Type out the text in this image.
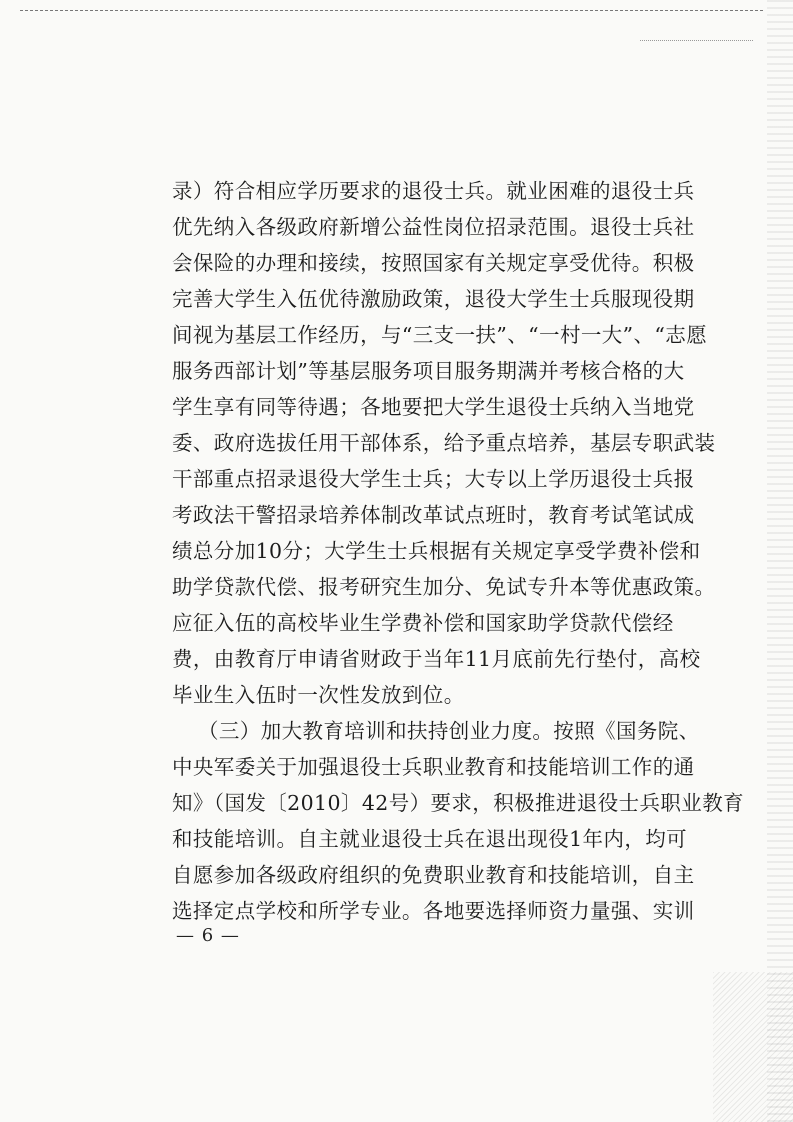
录）符合相应学历要求的退役士兵。就业困难的退役士兵
优先纳入各级政府新增公益性岗位招录范围。退役士兵社
会保险的办理和接续，按照国家有关规定享受优待。积极
完善大学生入伍优待激励政策，退役大学生士兵服现役期
间视为基层工作经历，与“三支一扶”、“一村一大”、“志愿
服务西部计划”等基层服务项目服务期满并考核合格的大
学生享有同等待遇；各地要把大学生退役士兵纳入当地党
委、政府选拔任用干部体系，给予重点培养，基层专职武装
干部重点招录退役大学生士兵；大专以上学历退役士兵报
考政法干警招录培养体制改革试点班时，教育考试笔试成
绩总分加10分；大学生士兵根据有关规定享受学费补偿和
助学贷款代偿、报考研究生加分、免试专升本等优惠政策。
应征入伍的高校毕业生学费补偿和国家助学贷款代偿经
费，由教育厅申请省财政于当年11月底前先行垫付，高校
毕业生入伍时一次性发放到位。
（三）加大教育培训和扶持创业力度。按照《国务院、
中央军委关于加强退役士兵职业教育和技能培训工作的通
知》（国发〔2010〕42号）要求，积极推进退役士兵职业教育
和技能培训。自主就业退役士兵在退出现役1年内，均可
自愿参加各级政府组织的免费职业教育和技能培训，自主
选择定点学校和所学专业。各地要选择师资力量强、实训
— 6 —
